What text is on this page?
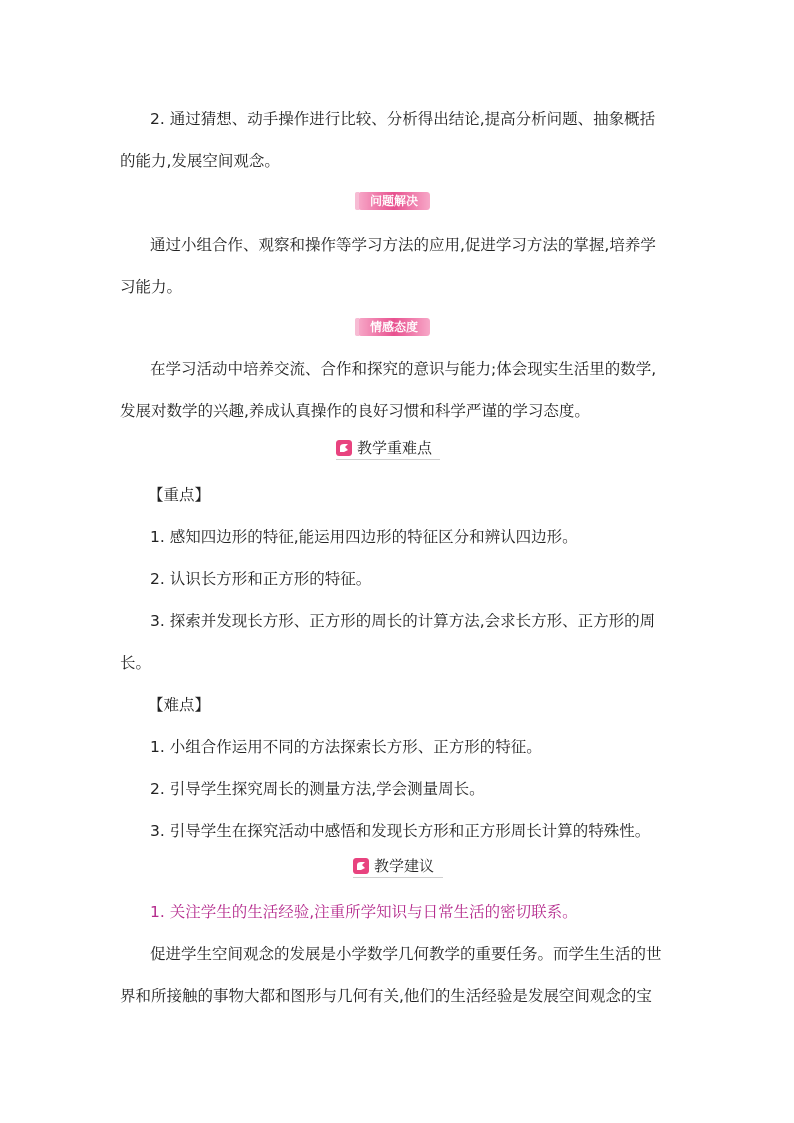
2. 通过猜想、动手操作进行比较、分析得出结论,提高分析问题、抽象概括
的能力,发展空间观念。
问题解决
通过小组合作、观察和操作等学习方法的应用,促进学习方法的掌握,培养学
习能力。
情感态度
在学习活动中培养交流、合作和探究的意识与能力;体会现实生活里的数学,
发展对数学的兴趣,养成认真操作的良好习惯和科学严谨的学习态度。
教学重难点
【重点】
1. 感知四边形的特征,能运用四边形的特征区分和辨认四边形。
2. 认识长方形和正方形的特征。
3. 探索并发现长方形、正方形的周长的计算方法,会求长方形、正方形的周
长。
【难点】
1. 小组合作运用不同的方法探索长方形、正方形的特征。
2. 引导学生探究周长的测量方法,学会测量周长。
3. 引导学生在探究活动中感悟和发现长方形和正方形周长计算的特殊性。
教学建议
1. 关注学生的生活经验,注重所学知识与日常生活的密切联系。
促进学生空间观念的发展是小学数学几何教学的重要任务。而学生生活的世
界和所接触的事物大都和图形与几何有关,他们的生活经验是发展空间观念的宝
